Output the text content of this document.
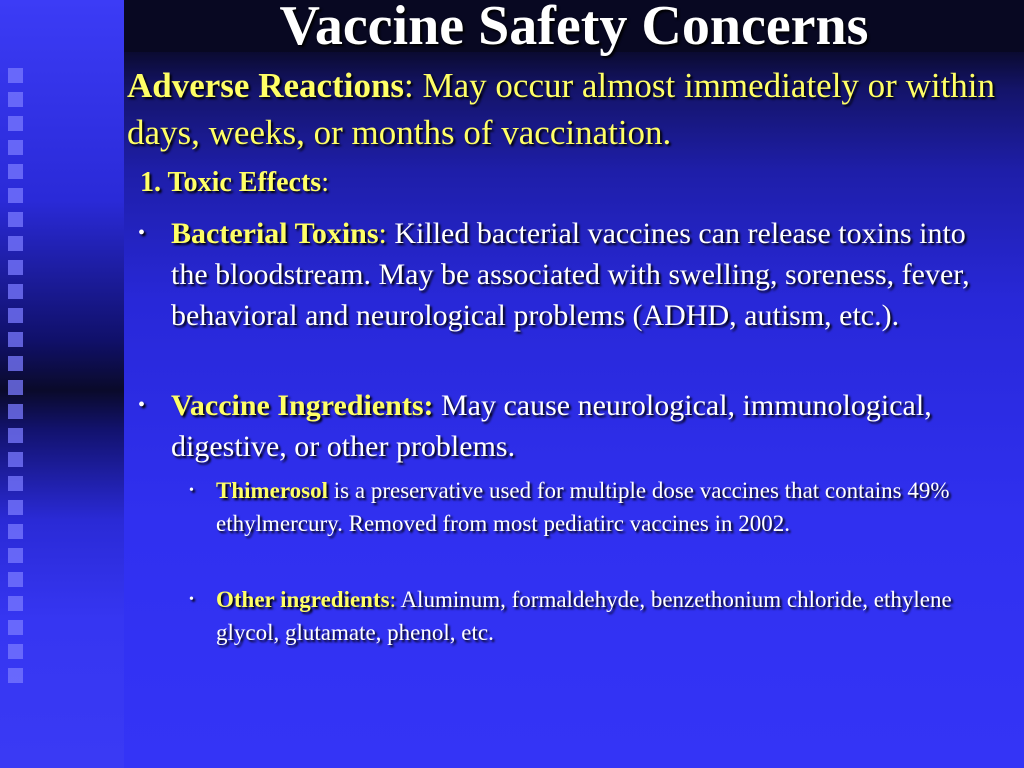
Vaccine Safety Concerns
Adverse Reactions: May occur almost immediately or within days, weeks, or months of vaccination.
1. Toxic Effects:
• Bacterial Toxins: Killed bacterial vaccines can release toxins into the bloodstream. May be associated with swelling, soreness, fever, behavioral and neurological problems (ADHD, autism, etc.).
• Vaccine Ingredients: May cause neurological, immunological, digestive, or other problems.
• Thimerosol is a preservative used for multiple dose vaccines that contains 49% ethylmercury. Removed from most pediatirc vaccines in 2002.
• Other ingredients: Aluminum, formaldehyde, benzethonium chloride, ethylene glycol, glutamate, phenol, etc.
